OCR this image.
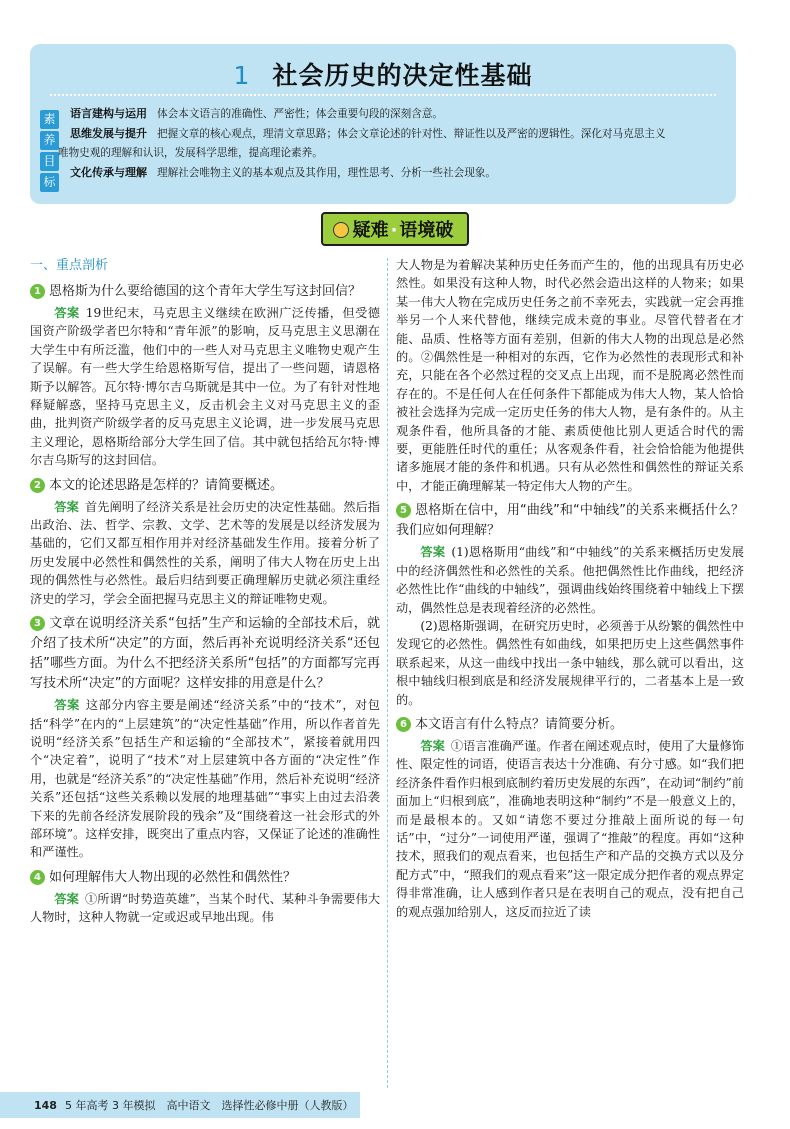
1 社会历史的决定性基础
素
养
目
标
语言建构与运用 体会本文语言的准确性、严密性；体会重要句段的深刻含意。
思维发展与提升 把握文章的核心观点，理清文章思路；体会文章论述的针对性、辩证性以及严密的逻辑性。深化对马克思主义
唯物史观的理解和认识，发展科学思维，提高理论素养。
文化传承与理解 理解社会唯物主义的基本观点及其作用，理性思考、分析一些社会现象。
疑难 · 语境破
一、重点剖析
1 恩格斯为什么要给德国的这个青年大学生写这封回信？
答案 19世纪末，马克思主义继续在欧洲广泛传播，但受德国资产阶级学者巴尔特和“青年派”的影响，反马克思主义思潮在大学生中有所泛滥，他们中的一些人对马克思主义唯物史观产生了误解。有一些大学生给恩格斯写信，提出了一些问题，请恩格斯予以解答。瓦尔特·博尔吉乌斯就是其中一位。为了有针对性地释疑解惑，坚持马克思主义，反击机会主义对马克思主义的歪曲，批判资产阶级学者的反马克思主义论调，进一步发展马克思主义理论，恩格斯给部分大学生回了信。其中就包括给瓦尔特·博尔吉乌斯写的这封回信。
2 本文的论述思路是怎样的？请简要概述。
答案 首先阐明了经济关系是社会历史的决定性基础。然后指出政治、法、哲学、宗教、文学、艺术等的发展是以经济发展为基础的，它们又都互相作用并对经济基础发生作用。接着分析了历史发展中必然性和偶然性的关系，阐明了伟大人物在历史上出现的偶然性与必然性。最后归结到要正确理解历史就必须注重经济史的学习，学会全面把握马克思主义的辩证唯物史观。
3 文章在说明经济关系“包括”生产和运输的全部技术后，就介绍了技术所“决定”的方面，然后再补充说明经济关系“还包括”哪些方面。为什么不把经济关系所“包括”的方面都写完再写技术所“决定”的方面呢？这样安排的用意是什么？
答案 这部分内容主要是阐述“经济关系”中的“技术”，对包括“科学”在内的“上层建筑”的“决定性基础”作用，所以作者首先说明“经济关系”包括生产和运输的“全部技术”，紧接着就用四个“决定着”，说明了“技术”对上层建筑中各方面的“决定性”作用，也就是“经济关系”的“决定性基础”作用，然后补充说明“经济关系”还包括“这些关系赖以发展的地理基础”“事实上由过去沿袭下来的先前各经济发展阶段的残余”及“围绕着这一社会形式的外部环境”。这样安排，既突出了重点内容，又保证了论述的准确性和严谨性。
4 如何理解伟大人物出现的必然性和偶然性？
答案 ①所谓“时势造英雄”，当某个时代、某种斗争需要伟大人物时，这种人物就一定或迟或早地出现。伟
大人物是为着解决某种历史任务而产生的，他的出现具有历史必然性。如果没有这种人物，时代必然会造出这样的人物来；如果某一伟大人物在完成历史任务之前不幸死去，实践就一定会再推举另一个人来代替他，继续完成未竟的事业。尽管代替者在才能、品质、性格等方面有差别，但新的伟大人物的出现总是必然的。②偶然性是一种相对的东西，它作为必然性的表现形式和补充，只能在各个必然过程的交叉点上出现，而不是脱离必然性而存在的。不是任何人在任何条件下都能成为伟大人物，某人恰恰被社会选择为完成一定历史任务的伟大人物，是有条件的。从主观条件看，他所具备的才能、素质使他比别人更适合时代的需要，更能胜任时代的重任；从客观条件看，社会恰恰能为他提供诸多施展才能的条件和机遇。只有从必然性和偶然性的辩证关系中，才能正确理解某一特定伟大人物的产生。
5 恩格斯在信中，用“曲线”和“中轴线”的关系来概括什么？我们应如何理解？
答案 (1)恩格斯用“曲线”和“中轴线”的关系来概括历史发展中的经济偶然性和必然性的关系。他把偶然性比作曲线，把经济必然性比作“曲线的中轴线”，强调曲线始终围绕着中轴线上下摆动，偶然性总是表现着经济的必然性。
(2)恩格斯强调，在研究历史时，必须善于从纷繁的偶然性中发现它的必然性。偶然性有如曲线，如果把历史上这些偶然事件联系起来，从这一曲线中找出一条中轴线，那么就可以看出，这根中轴线归根到底是和经济发展规律平行的，二者基本上是一致的。
6 本文语言有什么特点？请简要分析。
答案 ①语言准确严谨。作者在阐述观点时，使用了大量修饰性、限定性的词语，使语言表达十分准确、有分寸感。如“我们把经济条件看作归根到底制约着历史发展的东西”，在动词“制约”前面加上“归根到底”，准确地表明这种“制约”不是一般意义上的，而是最根本的。又如“请您不要过分推敲上面所说的每一句话”中，“过分”一词使用严谨，强调了“推敲”的程度。再如“这种技术，照我们的观点看来，也包括生产和产品的交换方式以及分配方式”中，“照我们的观点看来”这一限定成分把作者的观点界定得非常准确，让人感到作者只是在表明自己的观点，没有把自己的观点强加给别人，这反而拉近了读
148 5 年高考 3 年模拟　高中语文　选择性必修中册（人教版）
